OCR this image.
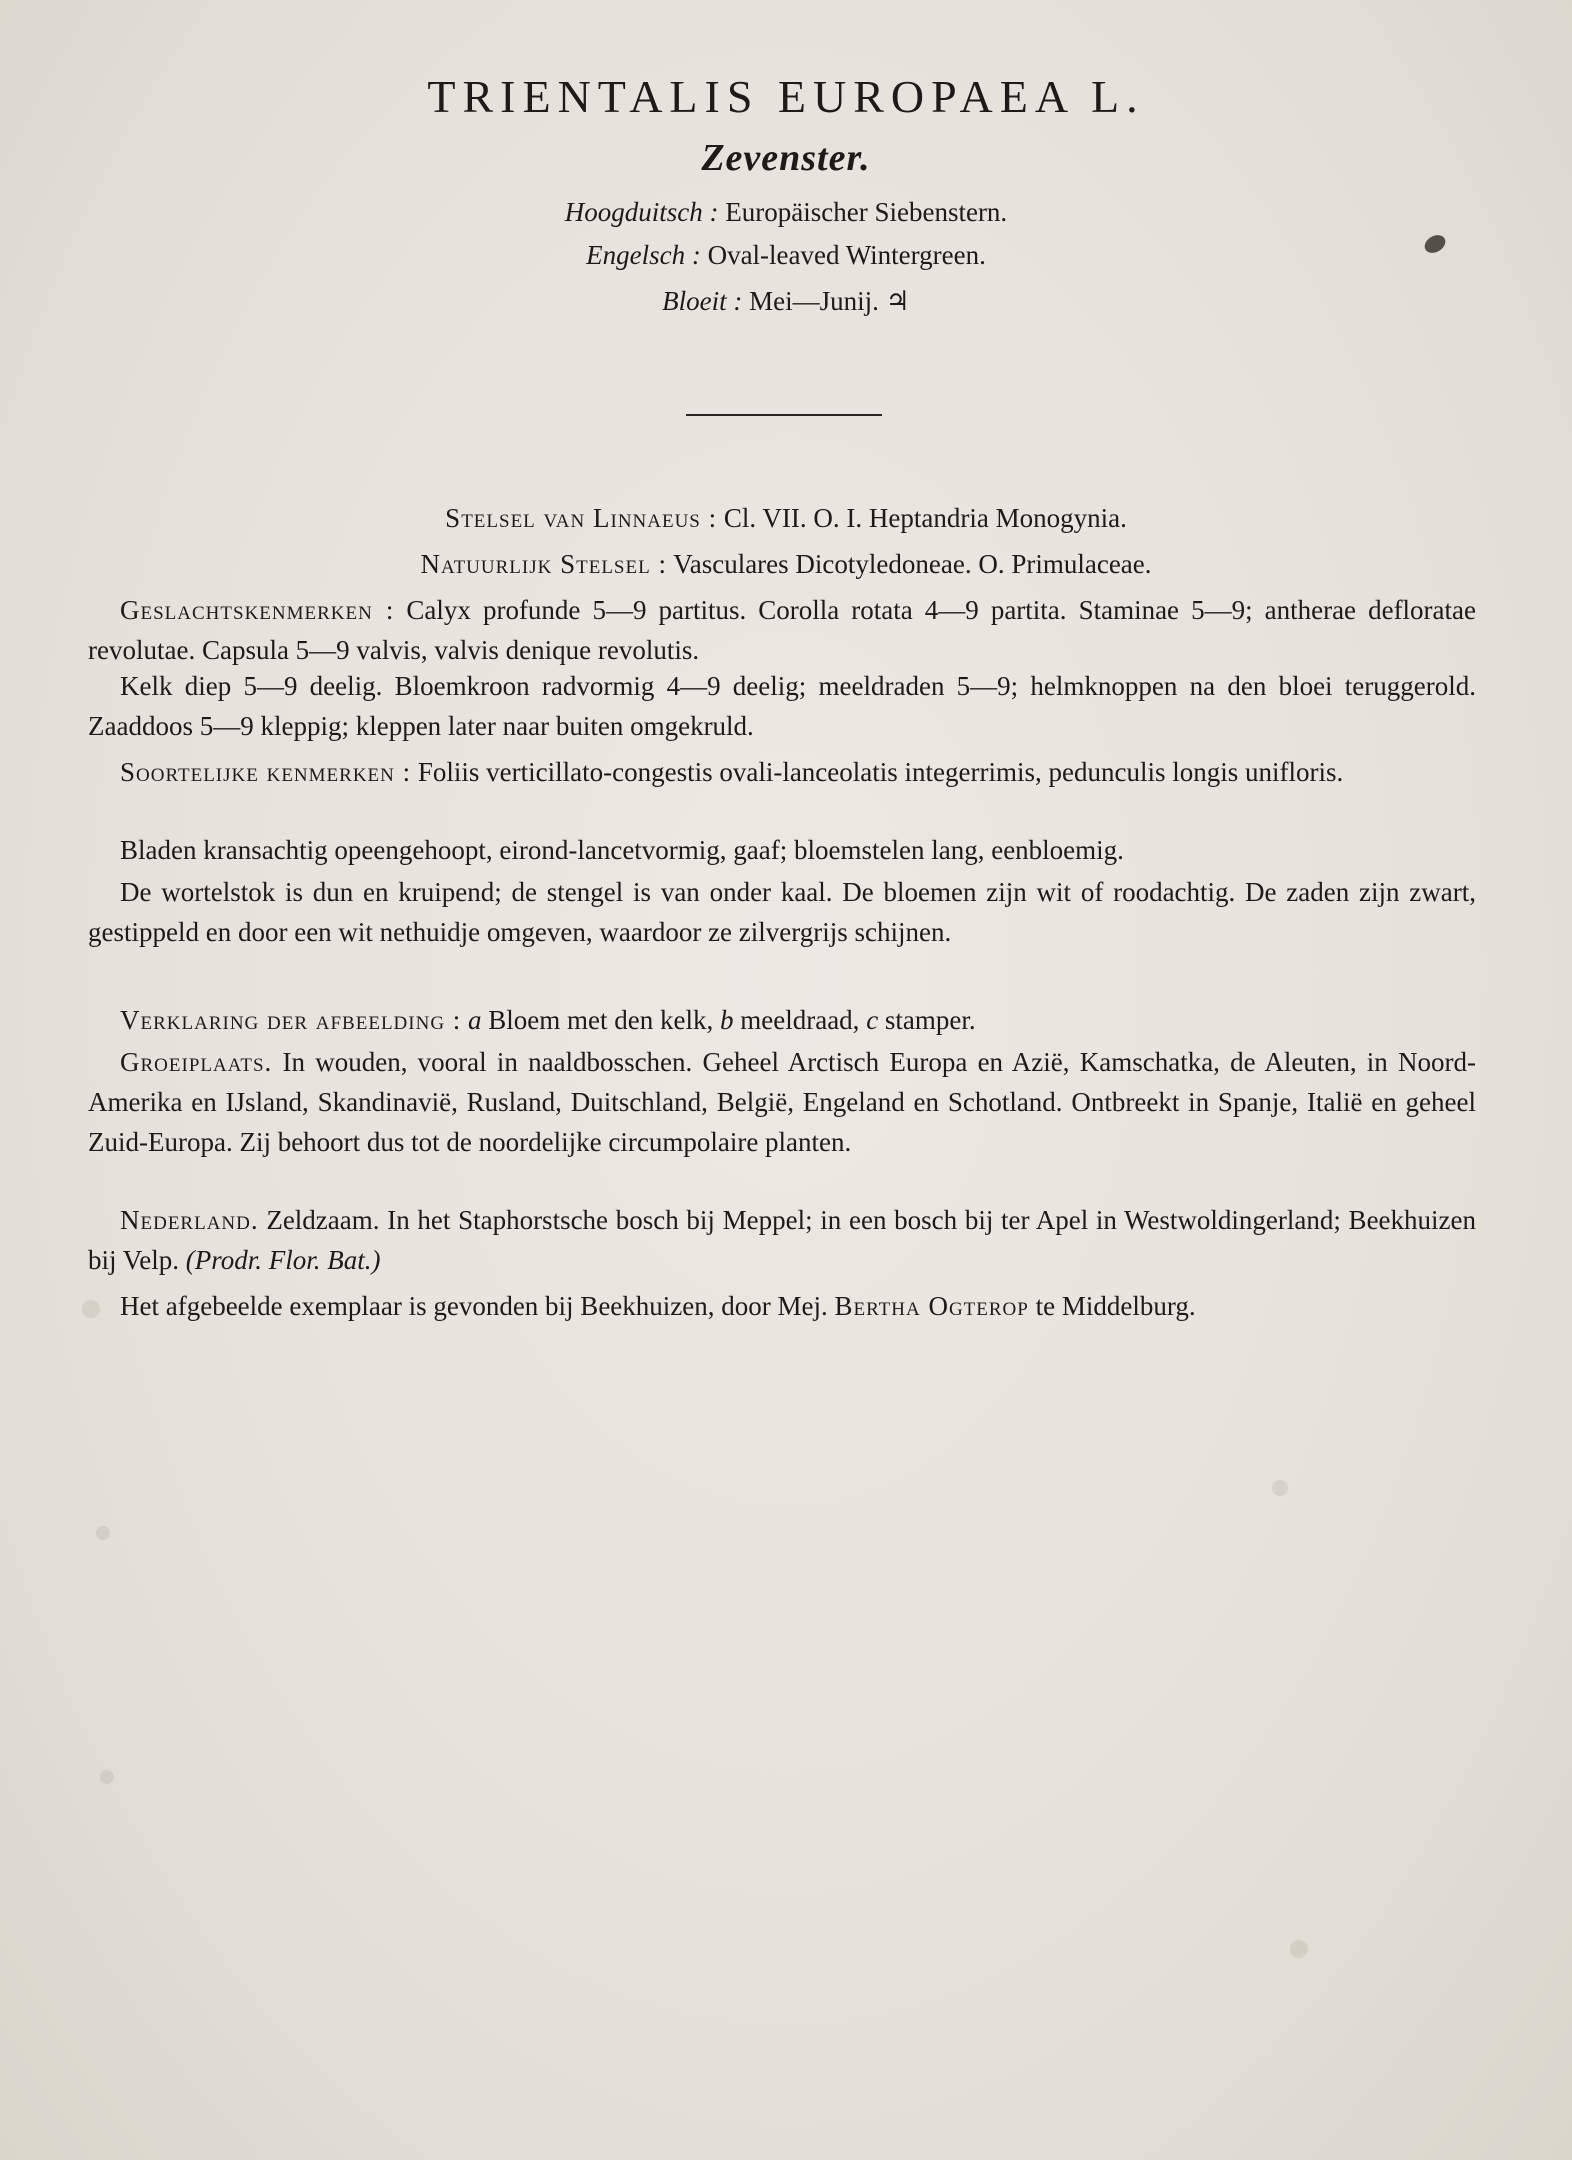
TRIENTALIS EUROPAEA L.
Zevenster.
Hoogduitsch : Europäischer Siebenstern.
Engelsch : Oval-leaved Wintergreen.
Bloeit : Mei—Junij. ♃
Stelsel van Linnaeus : Cl. VII. O. I. Heptandria Monogynia.
Natuurlijk Stelsel : Vasculares Dicotyledoneae. O. Primulaceae.
Geslachtskenmerken : Calyx profunde 5—9 partitus. Corolla rotata 4—9 partita. Staminae 5—9; antherae defloratae revolutae. Capsula 5—9 valvis, valvis denique revolutis.
Kelk diep 5—9 deelig. Bloemkroon radvormig 4—9 deelig; meeldraden 5—9; helmknoppen na den bloei teruggerold. Zaaddoos 5—9 kleppig; kleppen later naar buiten omgekruld.
Soortelijke kenmerken : Foliis verticillato-congestis ovali-lanceolatis integerrimis, pedunculis longis unifloris.
Bladen kransachtig opeengehoopt, eirond-lancetvormig, gaaf; bloemstelen lang, eenbloemig.
De wortelstok is dun en kruipend; de stengel is van onder kaal. De bloemen zijn wit of roodachtig. De zaden zijn zwart, gestippeld en door een wit nethuidje omgeven, waardoor ze zilvergrijs schijnen.
Verklaring der afbeelding : a Bloem met den kelk, b meeldraad, c stamper.
Groeiplaats. In wouden, vooral in naaldbosschen. Geheel Arctisch Europa en Azië, Kamschatka, de Aleuten, in Noord-Amerika en IJsland, Skandinavië, Rusland, Duitschland, België, Engeland en Schotland. Ontbreekt in Spanje, Italië en geheel Zuid-Europa. Zij behoort dus tot de noordelijke circumpolaire planten.
Nederland. Zeldzaam. In het Staphorstsche bosch bij Meppel; in een bosch bij ter Apel in Westwoldingerland; Beekhuizen bij Velp. (Prodr. Flor. Bat.)
Het afgebeelde exemplaar is gevonden bij Beekhuizen, door Mej. Bertha Ogterop te Middelburg.
